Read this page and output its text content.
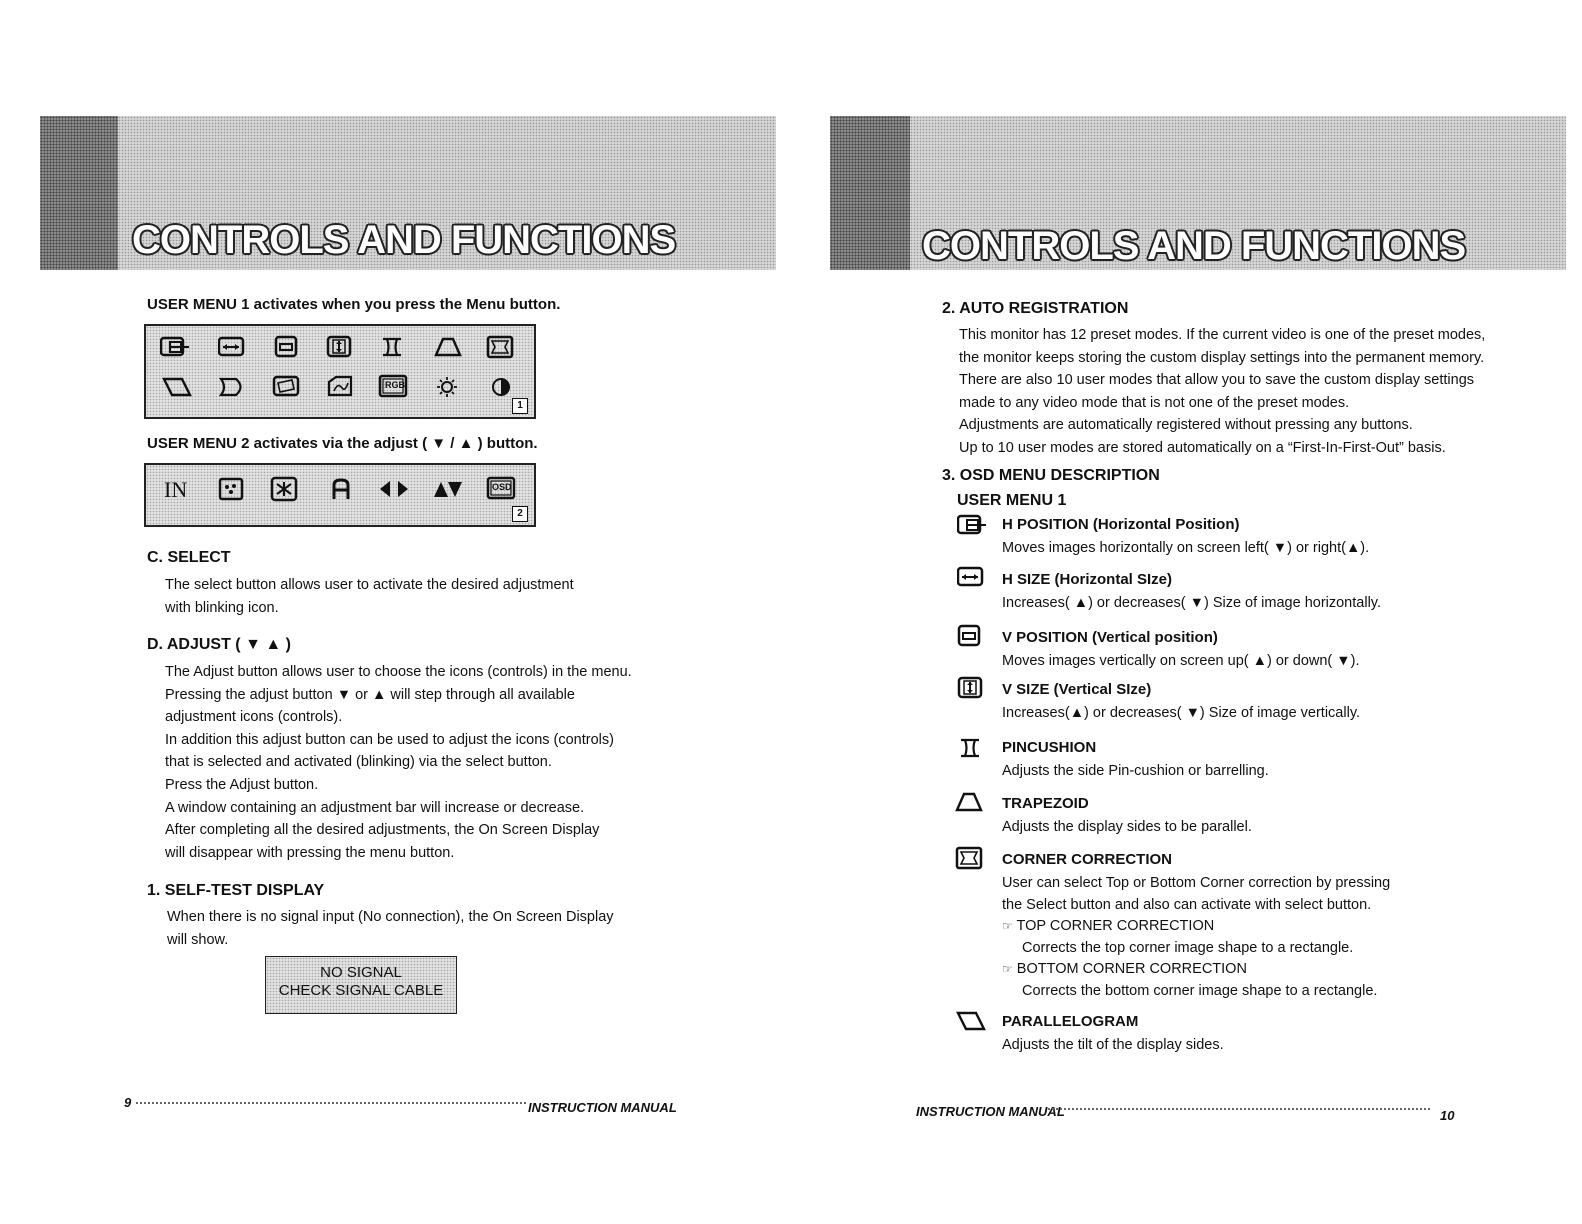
CONTROLS AND FUNCTIONS
USER MENU 1 activates when you press the Menu button.
RGB
1
USER MENU 2 activates via the adjust ( ▼ / ▲ ) button.
IN	OSD
2
C. SELECT
The select button allows user to activate the desired adjustment
with blinking icon.
D. ADJUST ( ▼ ▲ )
The Adjust button allows user to choose the icons (controls) in the menu.
Pressing the adjust button ▼ or ▲ will step through all available
adjustment icons (controls).
In addition this adjust button can be used to adjust the icons (controls)
that is selected and activated (blinking) via the select button.
Press the Adjust button.
A window containing an adjustment bar will increase or decrease.
After completing all the desired adjustments, the On Screen Display
will disappear with pressing the menu button.
1. SELF-TEST DISPLAY
When there is no signal input (No connection), the On Screen Display
will show.
NO SIGNAL
CHECK SIGNAL CABLE
9	INSTRUCTION MANUAL
CONTROLS AND FUNCTIONS
2. AUTO REGISTRATION
This monitor has 12 preset modes. If the current video is one of the preset modes,
the monitor keeps storing the custom display settings into the permanent memory.
There are also 10 user modes that allow you to save the custom display settings
made to any video mode that is not one of the preset modes.
Adjustments are automatically registered without pressing any buttons.
Up to 10 user modes are stored automatically on a “First-In-First-Out” basis.
3. OSD MENU DESCRIPTION
USER MENU 1
H POSITION (Horizontal Position)
Moves images horizontally on screen left( ▼) or right(▲).
H SIZE (Horizontal SIze)
Increases( ▲) or decreases( ▼) Size of image horizontally.
V POSITION (Vertical position)
Moves images vertically on screen up( ▲) or down( ▼).
V SIZE (Vertical SIze)
Increases(▲) or decreases( ▼) Size of image vertically.
PINCUSHION
Adjusts the side Pin-cushion or barrelling.
TRAPEZOID
Adjusts the display sides to be parallel.
CORNER CORRECTION
User can select Top or Bottom Corner correction by pressing
the Select button and also can activate with select button.
☞ TOP CORNER CORRECTION
Corrects the top corner image shape to a rectangle.
☞ BOTTOM CORNER CORRECTION
Corrects the bottom corner image shape to a rectangle.
PARALLELOGRAM
Adjusts the tilt of the display sides.
INSTRUCTION MANUAL	10
